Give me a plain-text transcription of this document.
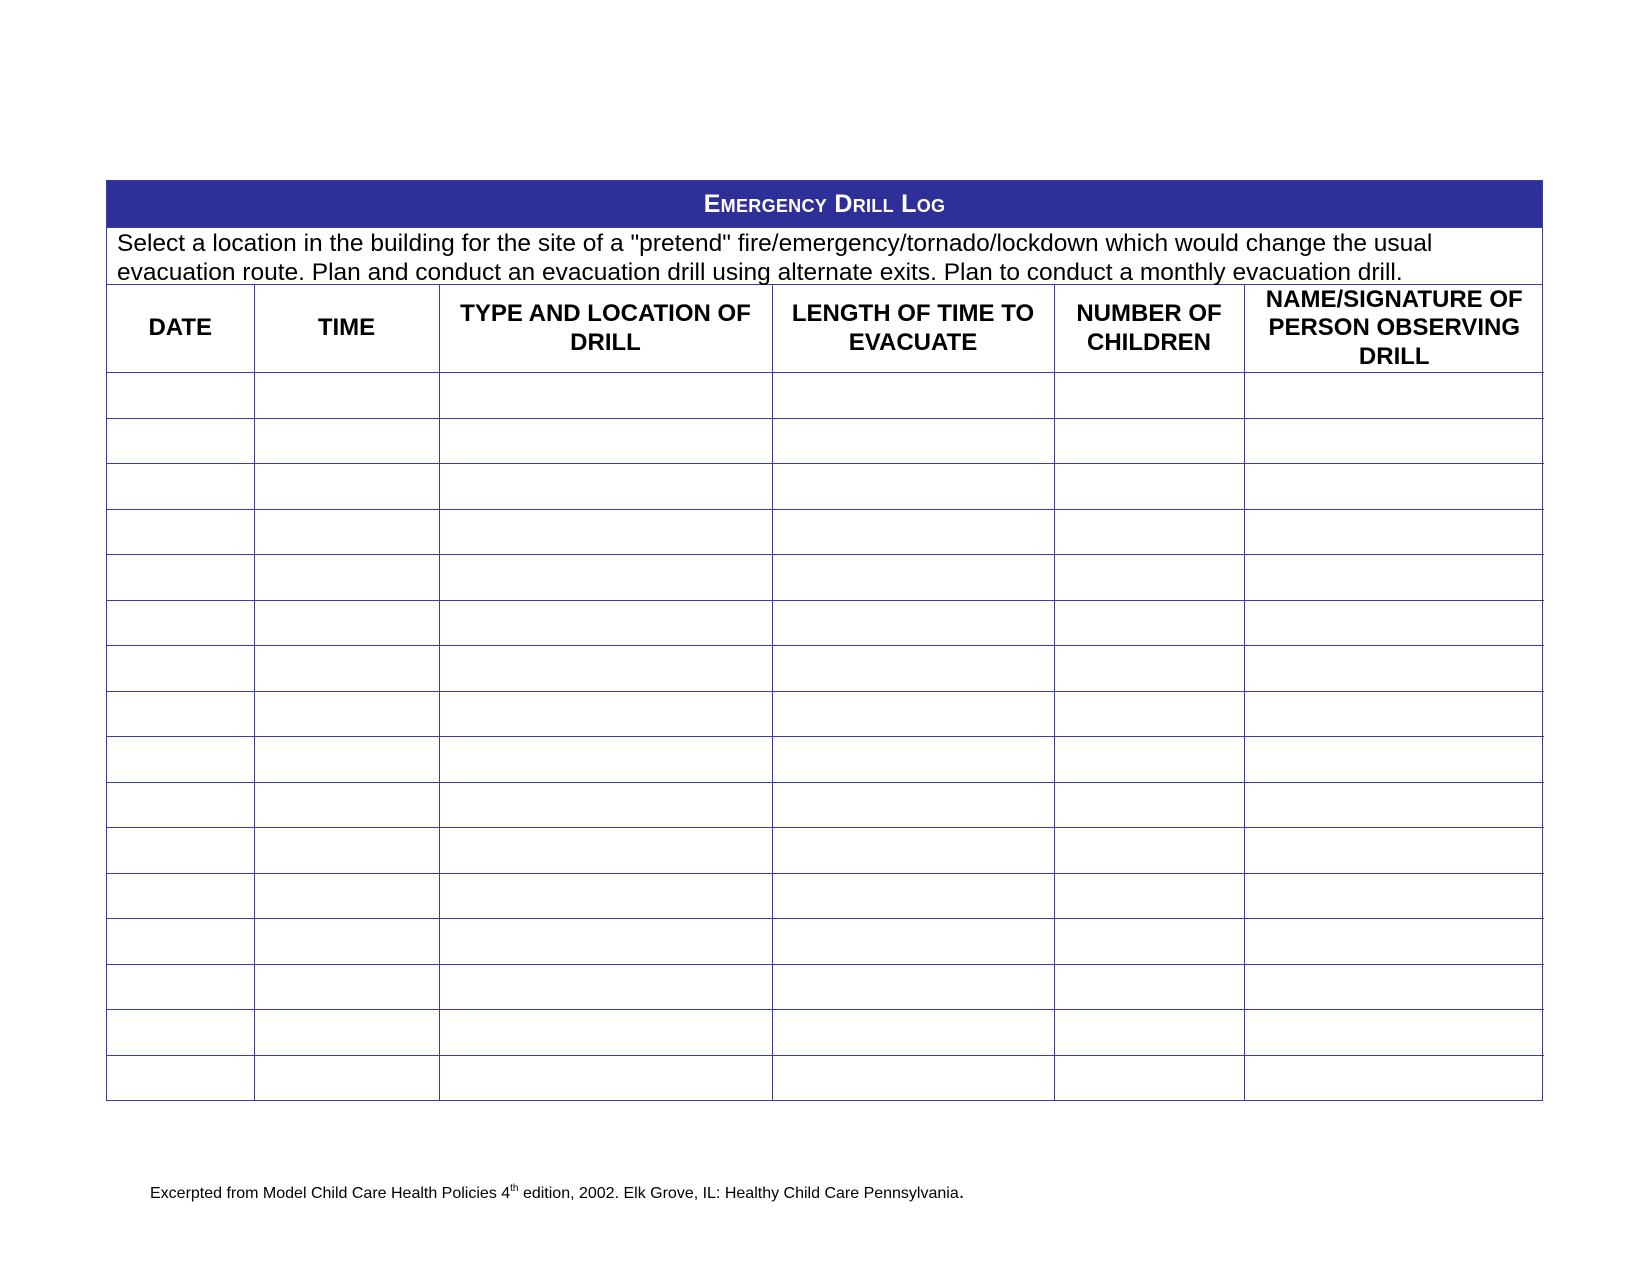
Emergency Drill Log
Select a location in the building for the site of a "pretend" fire/emergency/tornado/lockdown which would change the usual
evacuation route. Plan and conduct an evacuation drill using alternate exits. Plan to conduct a monthly evacuation drill.
DATE	TIME	TYPE AND LOCATION OF DRILL	LENGTH OF TIME TO EVACUATE	NUMBER OF CHILDREN	NAME/SIGNATURE OF PERSON OBSERVING DRILL

Excerpted from Model Child Care Health Policies 4th edition, 2002. Elk Grove, IL: Healthy Child Care Pennsylvania.
